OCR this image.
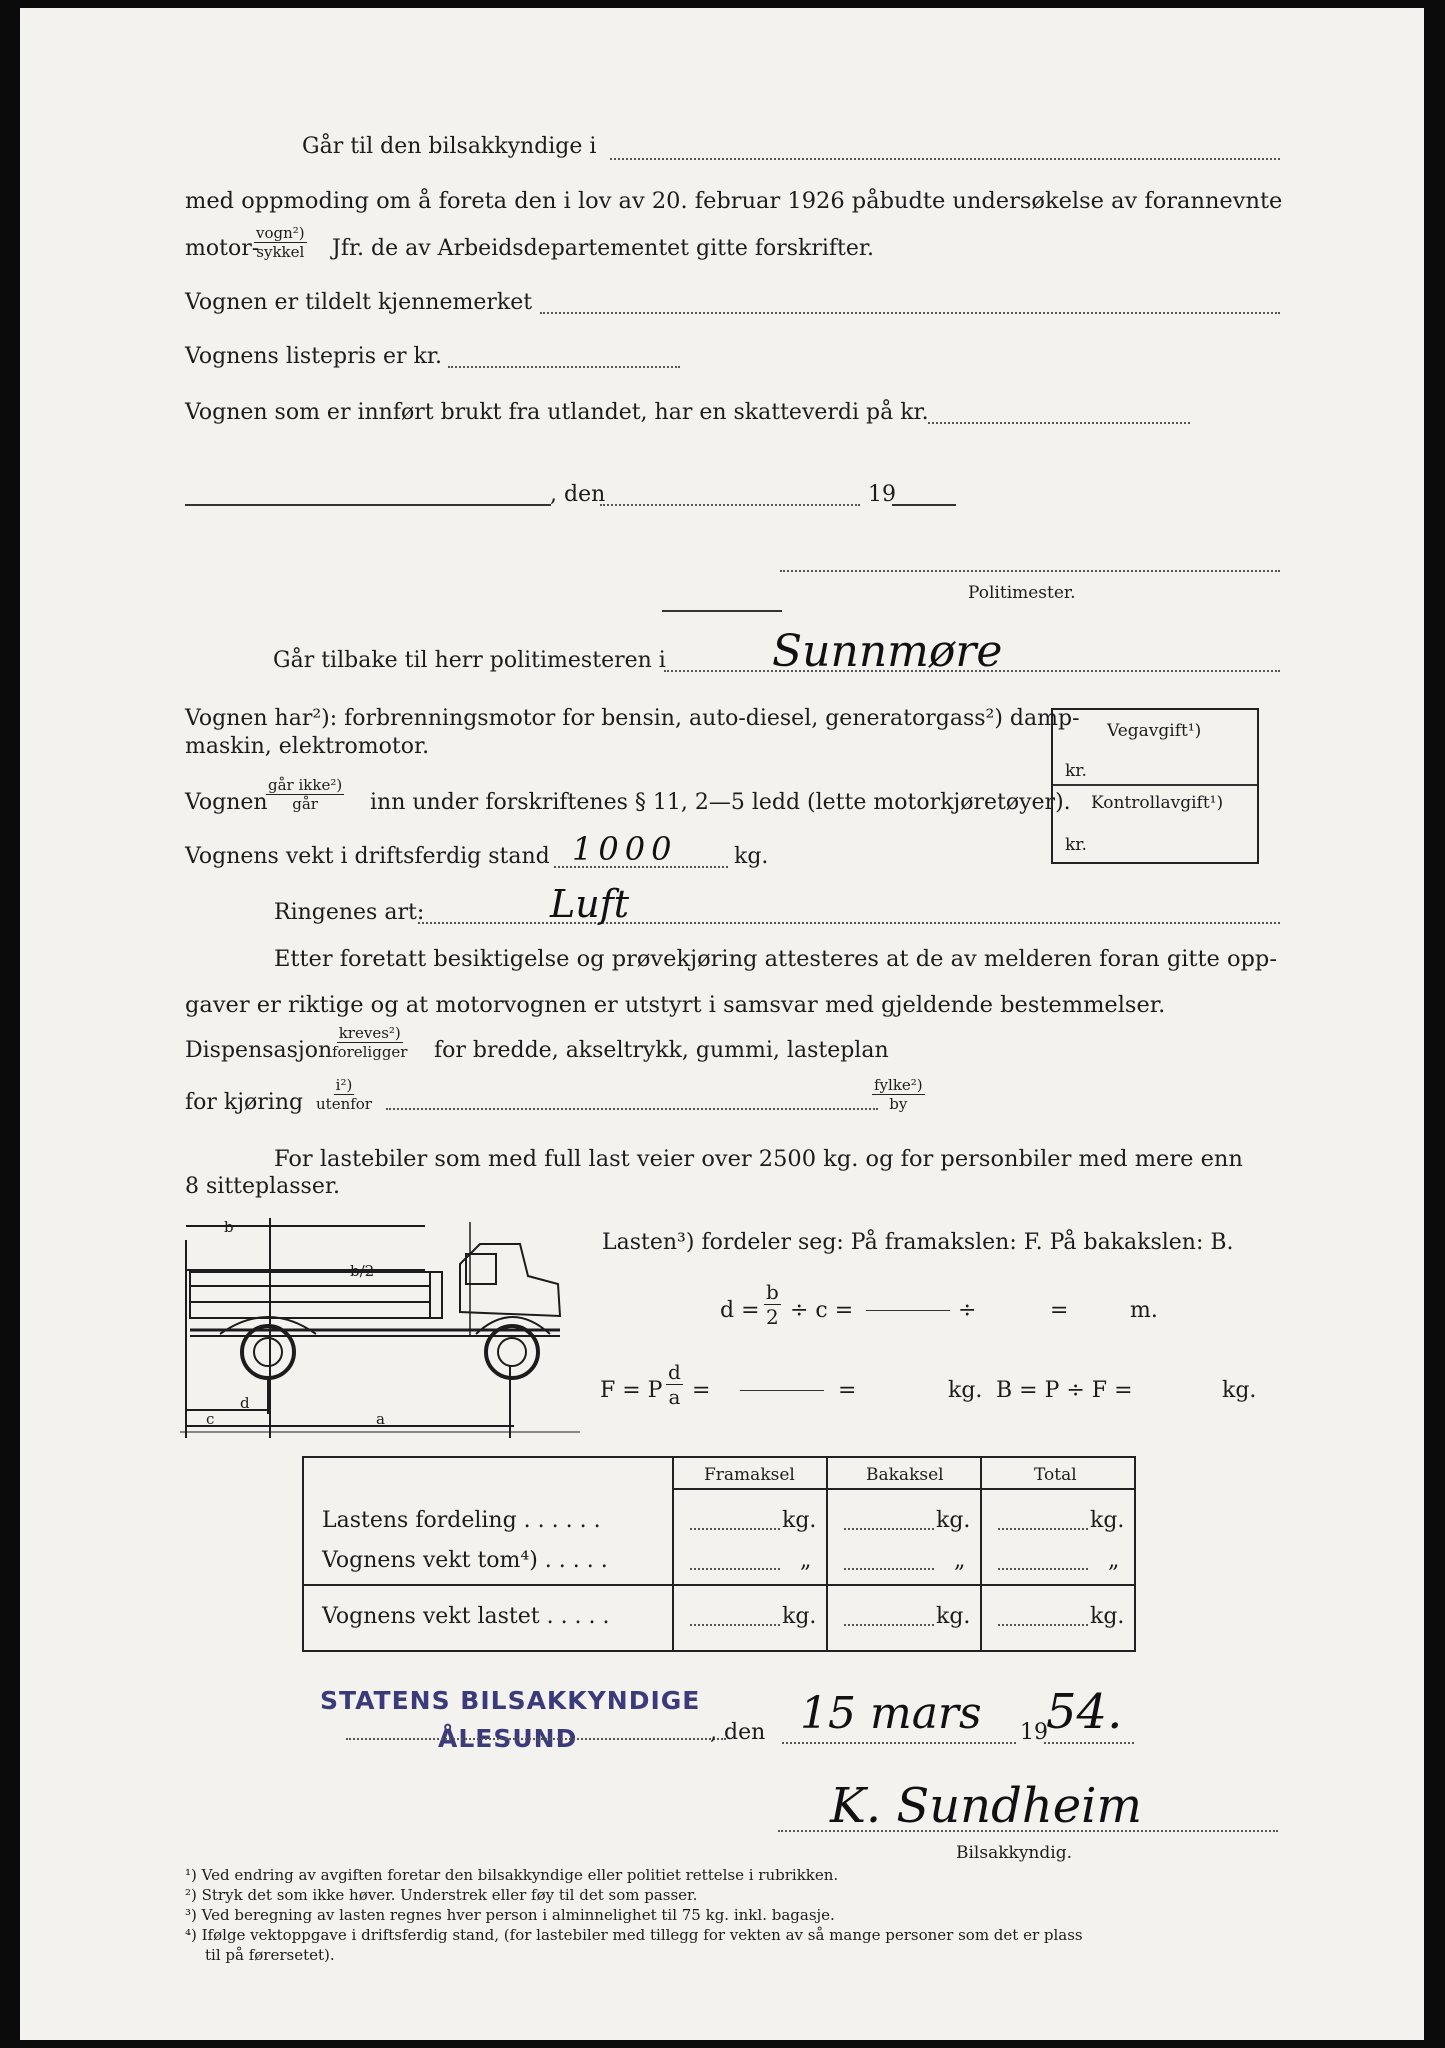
Går til den bilsakkyndige i
med oppmoding om å foreta den i lov av 20. februar 1926 påbudte undersøkelse av forannevnte
motor-
vogn²)
sykkel Jfr. de av Arbeidsdepartementet gitte forskrifter.
Vognen er tildelt kjennemerket
Vognens listepris er kr.
Vognen som er innført brukt fra utlandet, har en skatteverdi på kr.
, den	19
Politimester.
Går tilbake til herr politimesteren i Sunnmøre
Vognen har²): forbrenningsmotor for bensin, auto-diesel, generatorgass²) damp-
maskin, elektromotor.
Vognen
går ikke²)
går inn under forskriftenes § 11, 2—5 ledd (lette motorkjøretøyer).
Vognens vekt i driftsferdig stand 1000	kg.
Vegavgift¹)
kr.
Kontrollavgift¹)
kr.
Ringenes art:	Luft
Etter foretatt besiktigelse og prøvekjøring attesteres at de av melderen foran gitte opp-
gaver er riktige og at motorvognen er utstyrt i samsvar med gjeldende bestemmelser.
Dispensasjon
kreves²)
foreligger for bredde, akseltrykk, gummi, lasteplan
for kjøring
i²)
utenfor
fylke²)
by
For lastebiler som med full last veier over 2500 kg. og for personbiler med mere enn
8 sitteplasser.
b
b/2
c
d
a
Lasten³) fordeler seg: På framakslen: F. På bakakslen: B.
$d = \frac{b}{2} \div c$ =	÷	=	m.
F = P $\frac{d}{a}$ =	=	kg. B = P ÷ F =	kg.
Framaksel	Bakaksel	Total
Lastens fordeling . . . . . .	kg.	kg.	kg.
Vognens vekt tom⁴) . . . . .	„	„	„
Vognens vekt lastet . . . . .	kg.	kg.	kg.
STATENS BILSAKKYNDIGE
ÅLESUND	, den 15 mars 19
54.
K. Sundheim
Bilsakkyndig.
¹) Ved endring av avgiften foretar den bilsakkyndige eller politiet rettelse i rubrikken.
²) Stryk det som ikke høver. Understrek eller føy til det som passer.
³) Ved beregning av lasten regnes hver person i alminnelighet til 75 kg. inkl. bagasje.
⁴) Ifølge vektoppgave i driftsferdig stand, (for lastebiler med tillegg for vekten av så mange personer som det er plass
til på førersetet).
